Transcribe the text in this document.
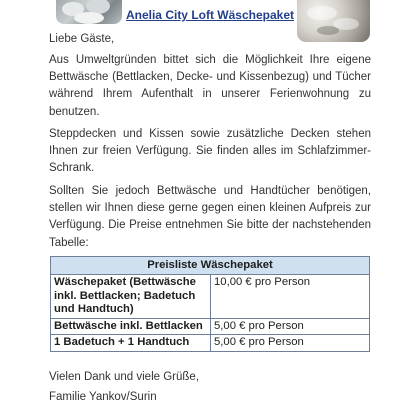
Anelia City Loft Wäschepaket
Liebe Gäste,
Aus Umweltgründen bittet sich die Möglichkeit Ihre eigene Bettwäsche (Bettlacken, Decke- und Kissenbezug) und Tücher während Ihrem Aufenthalt in unserer Ferienwohnung zu benutzen.
Steppdecken und Kissen sowie zusätzliche Decken stehen Ihnen zur freien Verfügung. Sie finden alles im Schlafzimmer-Schrank.
Sollten Sie jedoch Bettwäsche und Handtücher benötigen, stellen wir Ihnen diese gerne gegen einen kleinen Aufpreis zur Verfügung. Die Preise entnehmen Sie bitte der nachstehenden Tabelle:
Preisliste Wäschepaket	
Wäschepaket (Bettwäsche inkl. Bettlacken; Badetuch und Handtuch)	10,00 € pro Person
Bettwäsche inkl. Bettlacken	5,00 € pro Person
1 Badetuch + 1 Handtuch	5,00 € pro Person
Vielen Dank und viele Grüße,
Familie Yankov/Surin
